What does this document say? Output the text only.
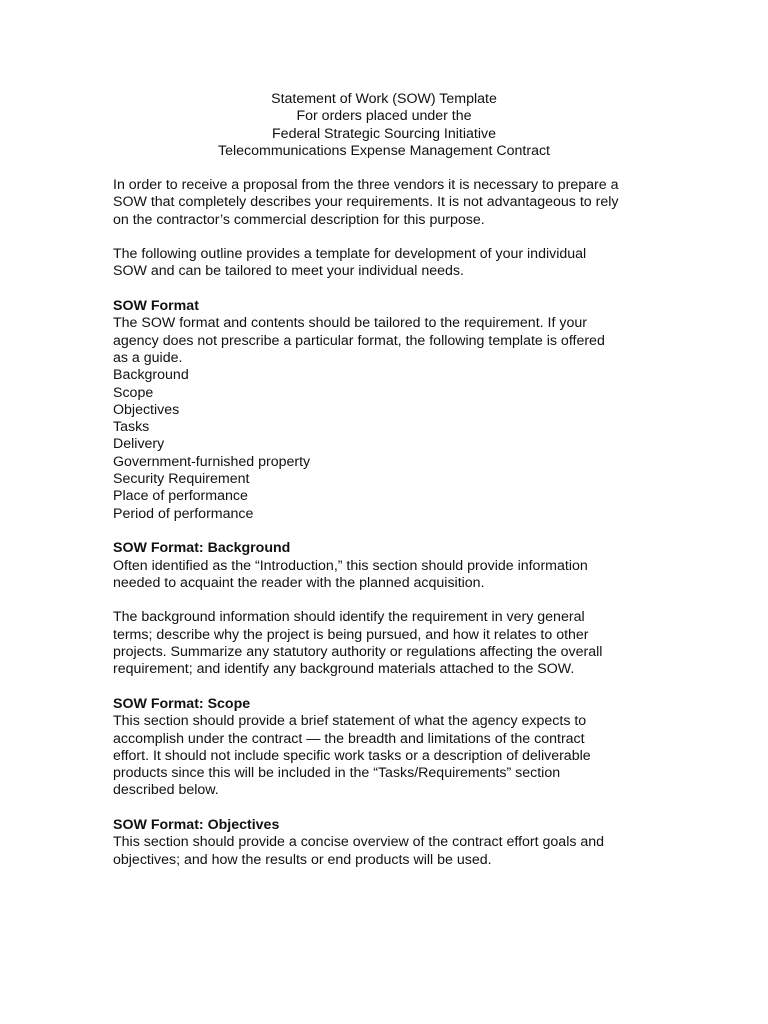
Statement of Work (SOW) Template
For orders placed under the
Federal Strategic Sourcing Initiative
Telecommunications Expense Management Contract
In order to receive a proposal from the three vendors it is necessary to prepare a
SOW that completely describes your requirements. It is not advantageous to rely
on the contractor’s commercial description for this purpose.
The following outline provides a template for development of your individual
SOW and can be tailored to meet your individual needs.
SOW Format
The SOW format and contents should be tailored to the requirement. If your
agency does not prescribe a particular format, the following template is offered
as a guide.
Background
Scope
Objectives
Tasks
Delivery
Government-furnished property
Security Requirement
Place of performance
Period of performance
SOW Format: Background
Often identified as the “Introduction,” this section should provide information
needed to acquaint the reader with the planned acquisition.
The background information should identify the requirement in very general
terms; describe why the project is being pursued, and how it relates to other
projects. Summarize any statutory authority or regulations affecting the overall
requirement; and identify any background materials attached to the SOW.
SOW Format: Scope
This section should provide a brief statement of what the agency expects to
accomplish under the contract — the breadth and limitations of the contract
effort. It should not include specific work tasks or a description of deliverable
products since this will be included in the “Tasks/Requirements” section
described below.
SOW Format: Objectives
This section should provide a concise overview of the contract effort goals and
objectives; and how the results or end products will be used.
